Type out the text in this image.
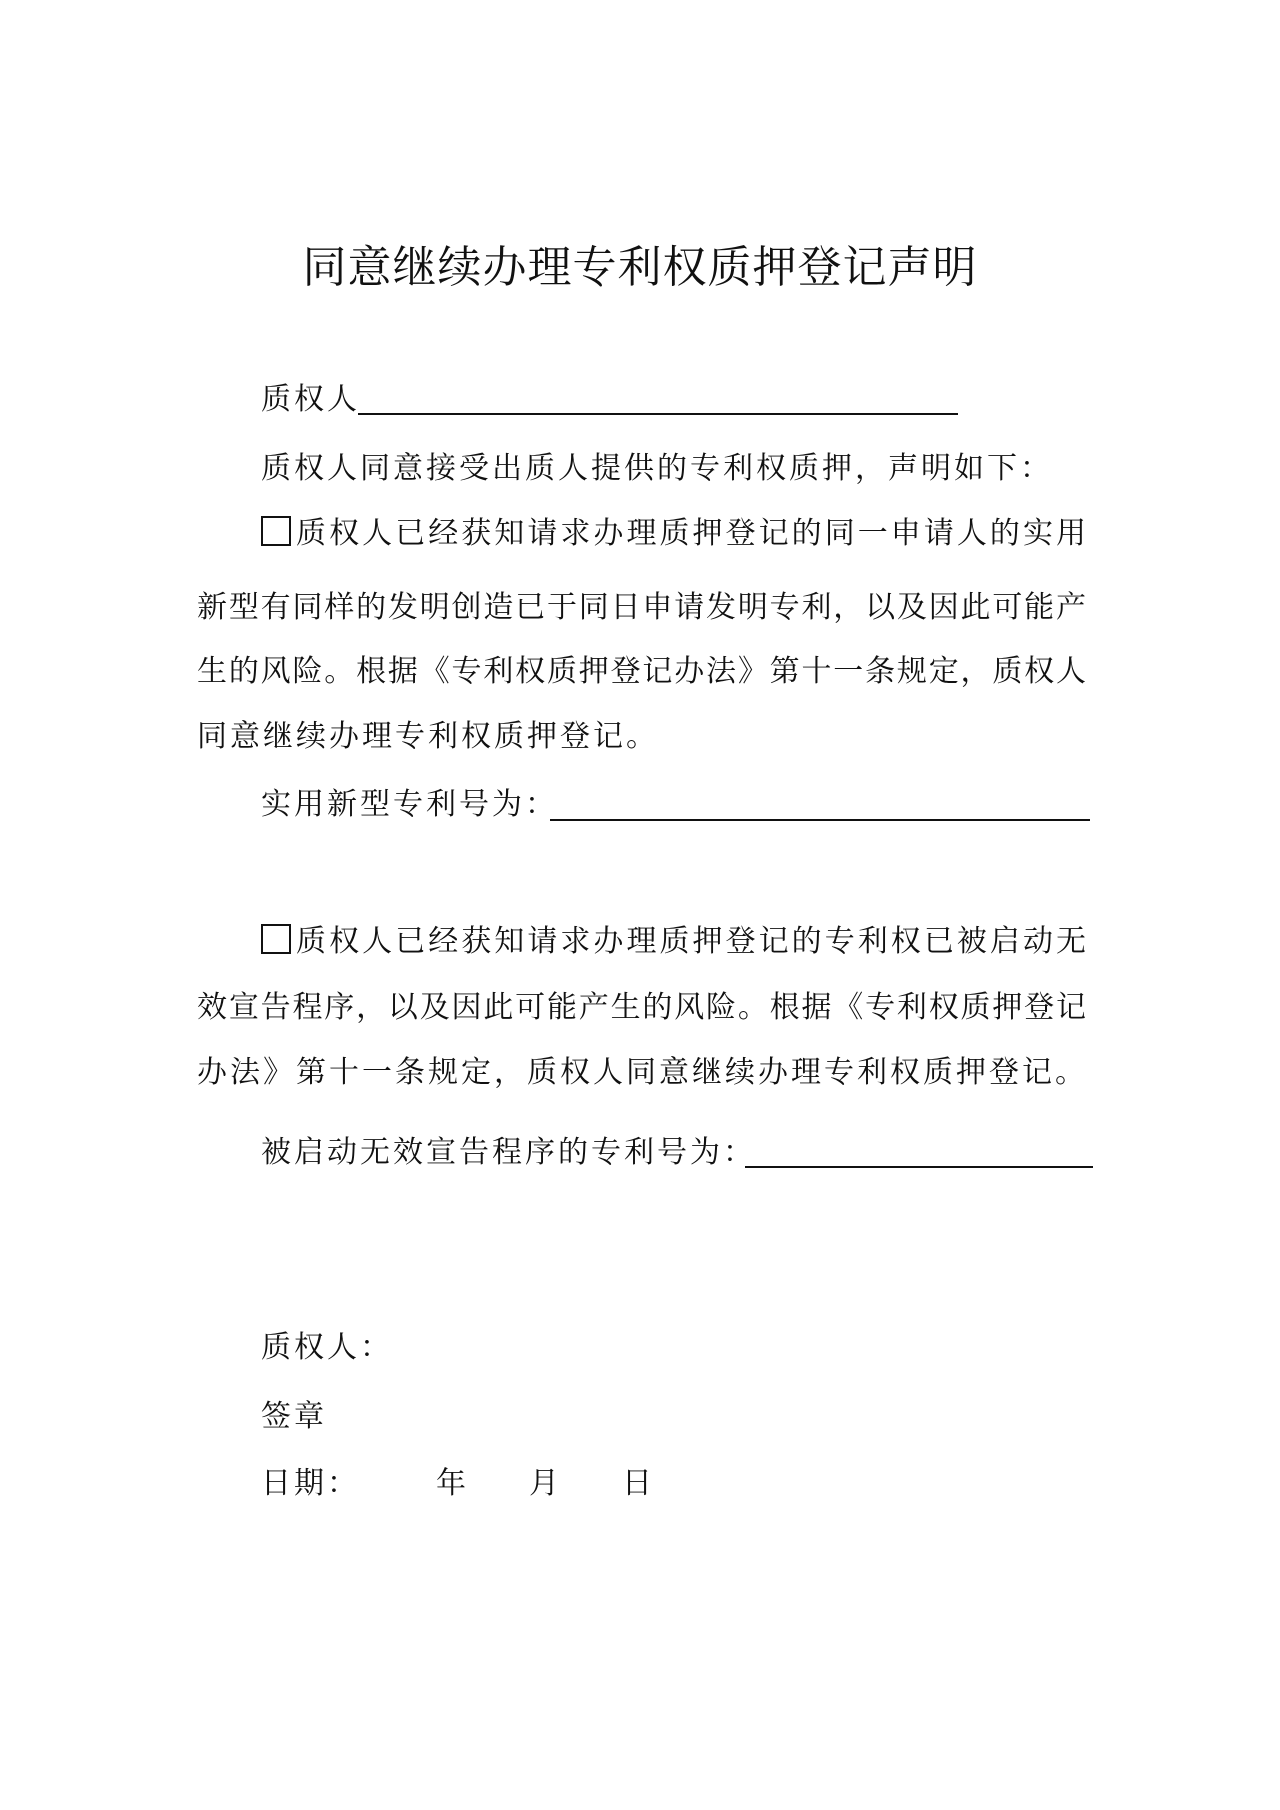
同意继续办理专利权质押登记声明
质权人
质权人同意接受出质人提供的专利权质押，声明如下：
质权人已经获知请求办理质押登记的同一申请人的实用
新型有同样的发明创造已于同日申请发明专利，以及因此可能产
生的风险。根据《专利权质押登记办法》第十一条规定，质权人
同意继续办理专利权质押登记。
实用新型专利号为：
质权人已经获知请求办理质押登记的专利权已被启动无
效宣告程序，以及因此可能产生的风险。根据《专利权质押登记
办法》第十一条规定，质权人同意继续办理专利权质押登记。
被启动无效宣告程序的专利号为：
质权人：
签章
日期：	年 月 日
